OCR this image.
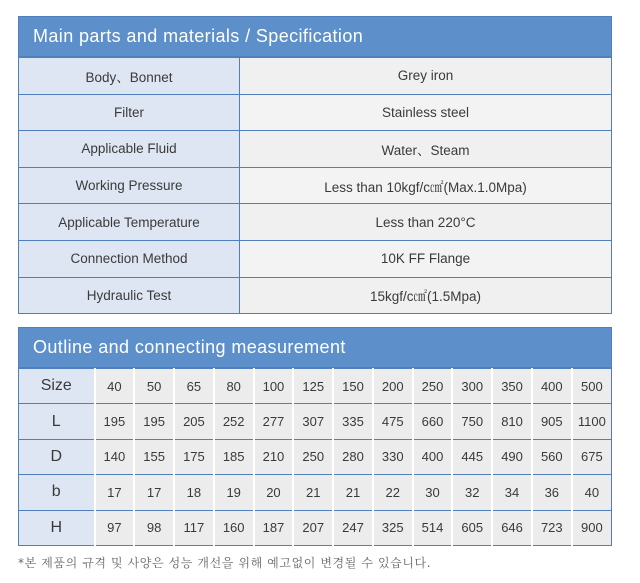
Main parts and materials / Specification
Body、Bonnet	Grey iron
Filter	Stainless steel
Applicable Fluid	Water、Steam
Working Pressure	Less than 10kgf/c㎠(Max.1.0Mpa)
Applicable Temperature	Less than 220°C
Connection Method	10K FF Flange
Hydraulic Test	15kgf/c㎠(1.5Mpa)
Outline and connecting measurement
Size	40	50	65	80	100	125	150	200	250	300	350	400	500
L	195	195	205	252	277	307	335	475	660	750	810	905	1100
D	140	155	175	185	210	250	280	330	400	445	490	560	675
b	17	17	18	19	20	21	21	22	30	32	34	36	40
H	97	98	117	160	187	207	247	325	514	605	646	723	900
*본 제품의 규격 및 사양은 성능 개선을 위해 예고없이 변경될 수 있습니다.
